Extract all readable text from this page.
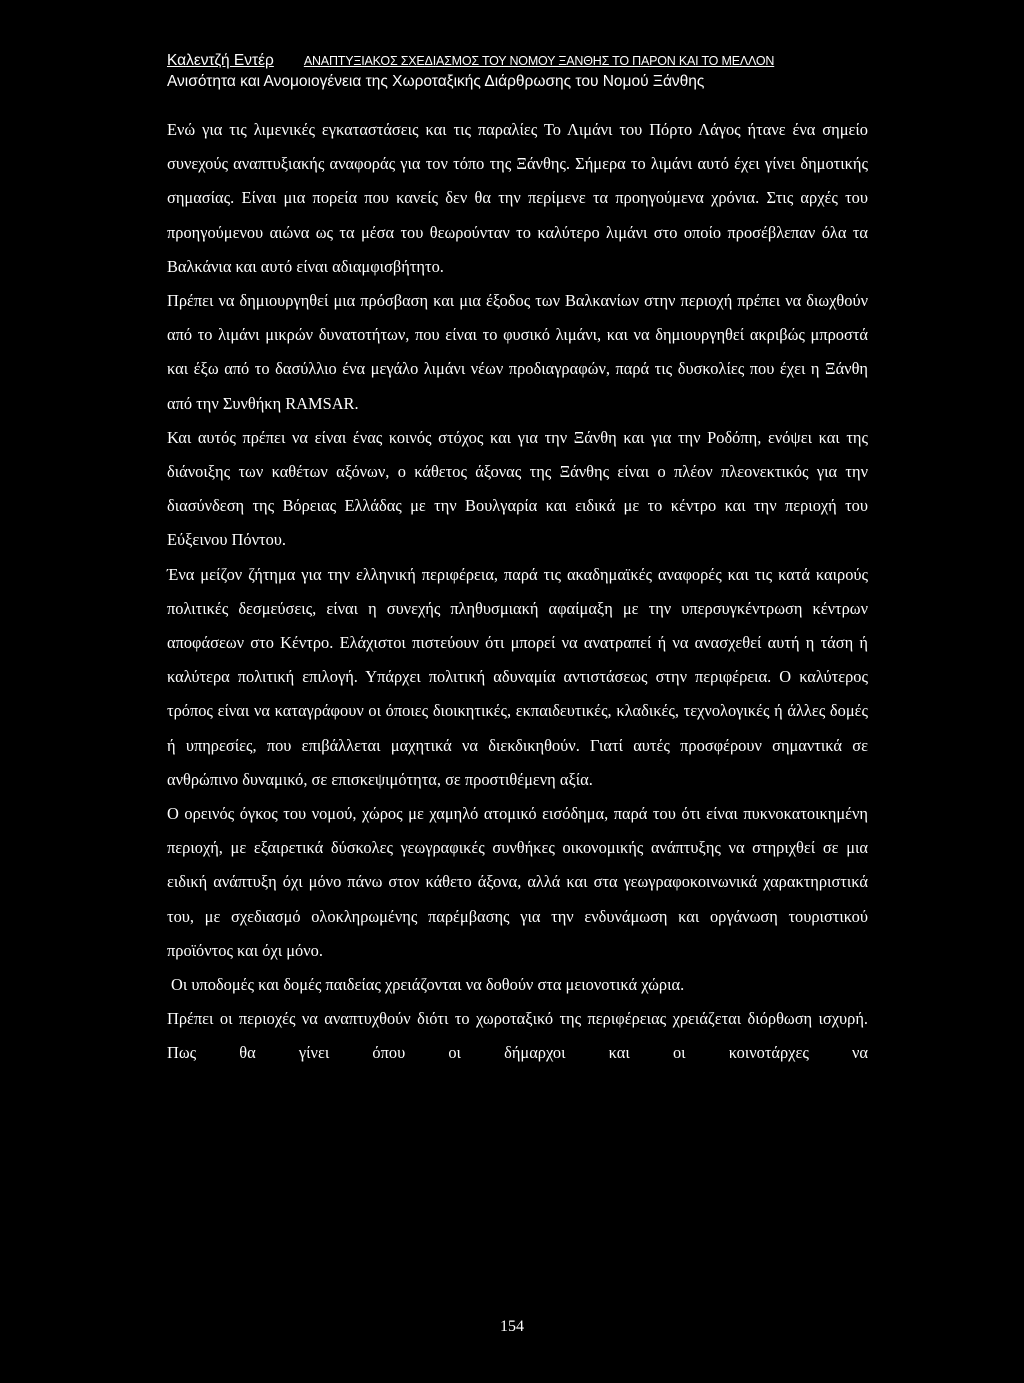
Καλεντζή Εντέρ ΑΝΑΠΤΥΞΙΑΚΟΣ ΣΧΕΔΙΑΣΜΟΣ ΤΟΥ ΝΟΜΟΥ ΞΑΝΘΗΣ ΤΟ ΠΑΡΟΝ ΚΑΙ ΤΟ ΜΕΛΛΟΝ
Ανισότητα και Ανομοιογένεια της Χωροταξικής Διάρθρωσης του Νομού Ξάνθης

Ενώ για τις λιμενικές εγκαταστάσεις και τις παραλίες Το Λιμάνι του Πόρτο Λάγος ήτανε ένα σημείο συνεχούς αναπτυξιακής αναφοράς για τον τόπο της Ξάνθης. Σήμερα το λιμάνι αυτό έχει γίνει δημοτικής σημασίας. Είναι μια πορεία που κανείς δεν θα την περίμενε τα προηγούμενα χρόνια. Στις αρχές του προηγούμενου αιώνα ως τα μέσα του θεωρούνταν το καλύτερο λιμάνι στο οποίο προσέβλεπαν όλα τα Βαλκάνια και αυτό είναι αδιαμφισβήτητο.

Πρέπει να δημιουργηθεί μια πρόσβαση και μια έξοδος των Βαλκανίων στην περιοχή πρέπει να διωχθούν από το λιμάνι μικρών δυνατοτήτων, που είναι το φυσικό λιμάνι, και να δημιουργηθεί ακριβώς μπροστά και έξω από το δασύλλιο ένα μεγάλο λιμάνι νέων προδιαγραφών, παρά τις δυσκολίες που έχει η Ξάνθη από την Συνθήκη RAMSAR.

Και αυτός πρέπει να είναι ένας κοινός στόχος και για την Ξάνθη και για την Ροδόπη, ενόψει και της διάνοιξης των καθέτων αξόνων, ο κάθετος άξονας της Ξάνθης είναι ο πλέον πλεονεκτικός για την διασύνδεση της Βόρειας Ελλάδας με την Βουλγαρία και ειδικά με το κέντρο και την περιοχή του Εύξεινου Πόντου.

Ένα μείζον ζήτημα για την ελληνική περιφέρεια, παρά τις ακαδημαϊκές αναφορές και τις κατά καιρούς πολιτικές δεσμεύσεις, είναι η συνεχής πληθυσμιακή αφαίμαξη με την υπερσυγκέντρωση κέντρων αποφάσεων στο Κέντρο. Ελάχιστοι πιστεύουν ότι μπορεί να ανατραπεί ή να ανασχεθεί αυτή η τάση ή καλύτερα πολιτική επιλογή. Υπάρχει πολιτική αδυναμία αντιστάσεως στην περιφέρεια. Ο καλύτερος τρόπος είναι να καταγράφουν οι όποιες διοικητικές, εκπαιδευτικές, κλαδικές, τεχνολογικές ή άλλες δομές ή υπηρεσίες, που επιβάλλεται μαχητικά να διεκδικηθούν. Γιατί αυτές προσφέρουν σημαντικά σε ανθρώπινο δυναμικό, σε επισκεψιμότητα, σε προστιθέμενη αξία.

Ο ορεινός όγκος του νομού, χώρος με χαμηλό ατομικό εισόδημα, παρά του ότι είναι πυκνοκατοικημένη περιοχή, με εξαιρετικά δύσκολες γεωγραφικές συνθήκες οικονομικής ανάπτυξης να στηριχθεί σε μια ειδική ανάπτυξη όχι μόνο πάνω στον κάθετο άξονα, αλλά και στα γεωγραφοκοινωνικά χαρακτηριστικά του, με σχεδιασμό ολοκληρωμένης παρέμβασης για την ενδυνάμωση και οργάνωση τουριστικού προϊόντος και όχι μόνο.

Οι υποδομές και δομές παιδείας χρειάζονται να δοθούν στα μειονοτικά χώρια.

Πρέπει οι περιοχές να αναπτυχθούν διότι το χωροταξικό της περιφέρειας χρειάζεται διόρθωση ισχυρή. Πως θα γίνει όπου οι δήμαρχοι και οι κοινοτάρχες να

154
